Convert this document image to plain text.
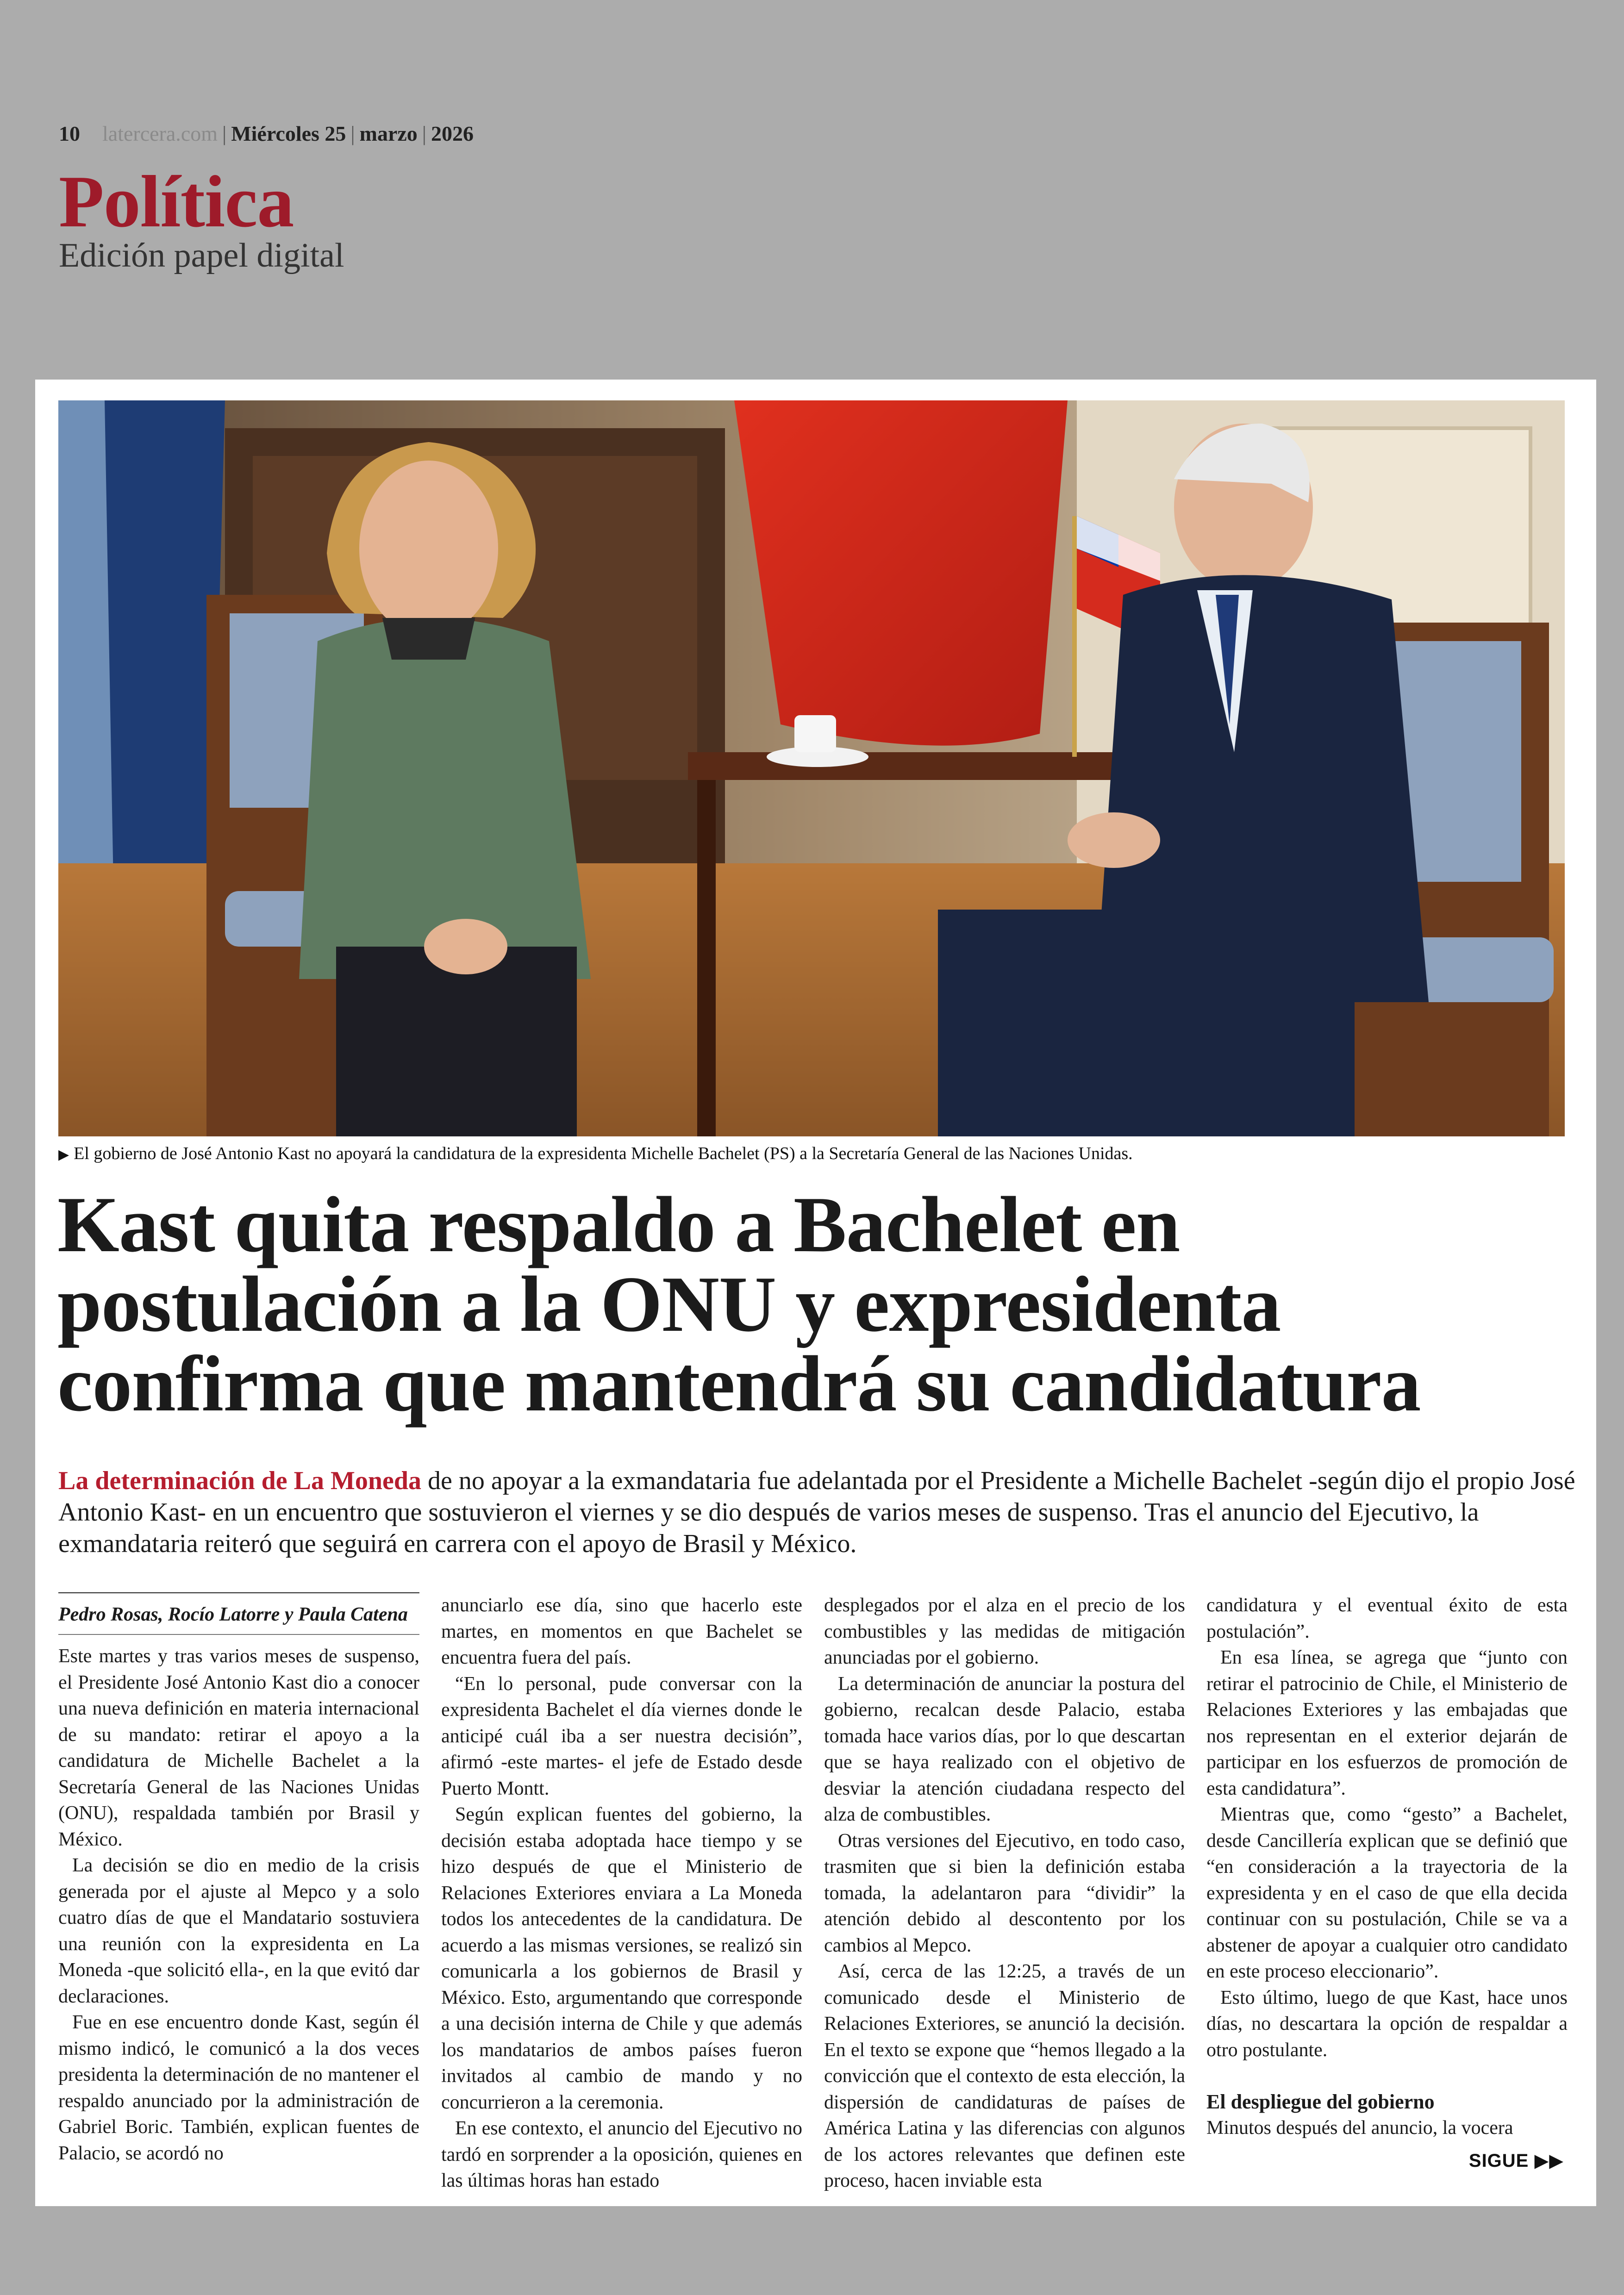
10 latercera.com | Miércoles 25 | marzo | 2026
Política
Edición papel digital
▶ El gobierno de José Antonio Kast no apoyará la candidatura de la expresidenta Michelle Bachelet (PS) a la Secretaría General de las Naciones Unidas.
Kast quita respaldo a Bachelet en
postulación a la ONU y expresidenta
confirma que mantendrá su candidatura
La determinación de La Moneda de no apoyar a la exmandataria fue adelantada por el Presidente a Michelle Bachelet -según dijo el propio José Antonio Kast- en un encuentro que sostuvieron el viernes y se dio después de varios meses de suspenso. Tras el anuncio del Ejecutivo, la exmandataria reiteró que seguirá en carrera con el apoyo de Brasil y México.
Pedro Rosas, Rocío Latorre y Paula Catena

Este martes y tras varios meses de suspenso, el Presidente José Antonio Kast dio a conocer una nueva definición en materia internacional de su mandato: retirar el apoyo a la candidatura de Michelle Bachelet a la Secretaría General de las Naciones Unidas (ONU), respaldada también por Brasil y México.

La decisión se dio en medio de la crisis generada por el ajuste al Mepco y a solo cuatro días de que el Mandatario sostuviera una reunión con la expresidenta en La Moneda -que solicitó ella-, en la que evitó dar declaraciones.

Fue en ese encuentro donde Kast, según él mismo indicó, le comunicó a la dos veces presidenta la determinación de no mantener el respaldo anunciado por la administración de Gabriel Boric. También, explican fuentes de Palacio, se acordó no

anunciarlo ese día, sino que hacerlo este martes, en momentos en que Bachelet se encuentra fuera del país.

“En lo personal, pude conversar con la expresidenta Bachelet el día viernes donde le anticipé cuál iba a ser nuestra decisión”, afirmó -este martes- el jefe de Estado desde Puerto Montt.

Según explican fuentes del gobierno, la decisión estaba adoptada hace tiempo y se hizo después de que el Ministerio de Relaciones Exteriores enviara a La Moneda todos los antecedentes de la candidatura. De acuerdo a las mismas versiones, se realizó sin comunicarla a los gobiernos de Brasil y México. Esto, argumentando que corresponde a una decisión interna de Chile y que además los mandatarios de ambos países fueron invitados al cambio de mando y no concurrieron a la ceremonia.

En ese contexto, el anuncio del Ejecutivo no tardó en sorprender a la oposición, quienes en las últimas horas han estado

desplegados por el alza en el precio de los combustibles y las medidas de mitigación anunciadas por el gobierno.

La determinación de anunciar la postura del gobierno, recalcan desde Palacio, estaba tomada hace varios días, por lo que descartan que se haya realizado con el objetivo de desviar la atención ciudadana respecto del alza de combustibles.

Otras versiones del Ejecutivo, en todo caso, trasmiten que si bien la definición estaba tomada, la adelantaron para “dividir” la atención debido al descontento por los cambios al Mepco.

Así, cerca de las 12:25, a través de un comunicado desde el Ministerio de Relaciones Exteriores, se anunció la decisión. En el texto se expone que “hemos llegado a la convicción que el contexto de esta elección, la dispersión de candidaturas de países de América Latina y las diferencias con algunos de los actores relevantes que definen este proceso, hacen inviable esta

candidatura y el eventual éxito de esta postulación”.

En esa línea, se agrega que “junto con retirar el patrocinio de Chile, el Ministerio de Relaciones Exteriores y las embajadas que nos representan en el exterior dejarán de participar en los esfuerzos de promoción de esta candidatura”.

Mientras que, como “gesto” a Bachelet, desde Cancillería explican que se definió que “en consideración a la trayectoria de la expresidenta y en el caso de que ella decida continuar con su postulación, Chile se va a abstener de apoyar a cualquier otro candidato en este proceso eleccionario”.

Esto último, luego de que Kast, hace unos días, no descartara la opción de respaldar a otro postulante.

El despliegue del gobierno

Minutos después del anuncio, la vocera

SIGUE ▶▶
